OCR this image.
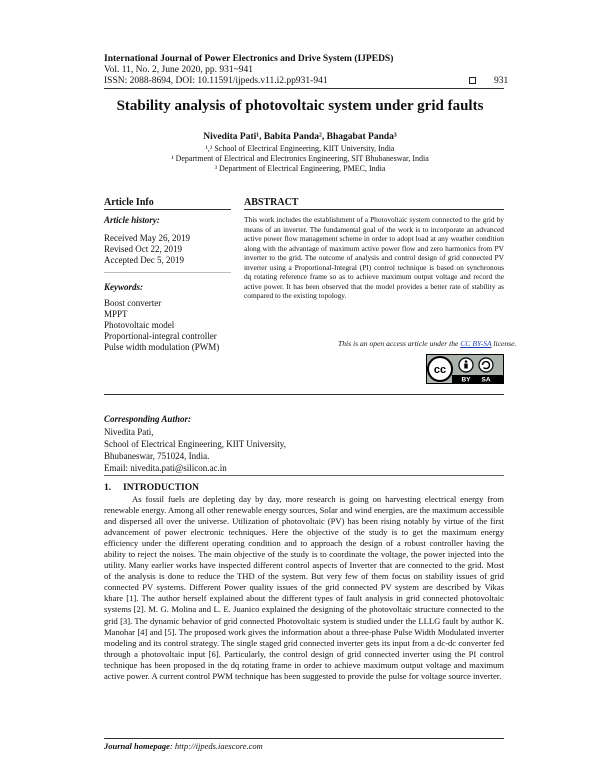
International Journal of Power Electronics and Drive System (IJPEDS)
Vol. 11, No. 2, June 2020, pp. 931~941
ISSN: 2088-8694, DOI: 10.11591/ijpeds.v11.i2.pp931-941	931
Stability analysis of photovoltaic system under grid faults
Nivedita Pati¹, Babita Panda², Bhagabat Panda³
¹,² School of Electrical Engineering, KIIT University, India
¹ Department of Electrical and Electronics Engineering, SIT Bhubaneswar, India
³ Department of Electrical Engineering, PMEC, India
Article Info
Article history:
Received May 26, 2019
Revised Oct 22, 2019
Accepted Dec 5, 2019
Keywords:
Boost converter
MPPT
Photovoltaic model
Proportional-integral controller
Pulse width modulation (PWM)
ABSTRACT
This work includes the establishment of a Photovoltaic system connected to the grid by means of an inverter. The fundamental goal of the work is to incorporate an advanced active power flow management scheme in order to adopt load at any weather condition along with the advantage of maximum active power flow and zero harmonics from PV inverter to the grid. The outcome of analysis and control design of grid connected PV inverter using a Proportional-Integral (PI) control technique is based on synchronous dq rotating reference frame so as to achieve maximum output voltage and record the active power. It has been observed that the model provides a better rate of stability as compared to the existing topology.
This is an open access article under the CC BY-SA license.
cc
BY SA
Corresponding Author:
Nivedita Pati,
School of Electrical Engineering, KIIT University,
Bhubaneswar, 751024, India.
Email: nivedita.pati@silicon.ac.in
1.     INTRODUCTION

As fossil fuels are depleting day by day, more research is going on harvesting electrical energy from renewable energy. Among all other renewable energy sources, Solar and wind energies, are the maximum accessible and dispersed all over the universe. Utilization of photovoltaic (PV) has been rising notably by virtue of the first advancement of power electronic techniques. Here the objective of the study is to get the maximum energy efficiency under the different operating condition and to approach the design of a robust controller having the ability to reject the noises. The main objective of the study is to coordinate the voltage, the power injected into the utility. Many earlier works have inspected different control aspects of Inverter that are connected to the grid. Most of the analysis is done to reduce the THD of the system. But very few of them focus on stability issues of grid connected PV systems. Different Power quality issues of the grid connected PV system are described by Vikas khare [1]. The author herself explained about the different types of fault analysis in grid connected photovoltaic systems [2]. M. G. Molina and L. E. Juanico explained the designing of the photovoltaic structure connected to the grid [3]. The dynamic behavior of grid connected Photovoltaic system is studied under the LLLG fault by author K. Manohar [4] and [5]. The proposed work gives the information about a three-phase Pulse Width Modulated inverter modeling and its control strategy. The single staged grid connected inverter gets its input from a dc-dc converter fed through a photovoltaic input [6]. Particularly, the control design of grid connected inverter using the PI control technique has been proposed in the dq rotating frame in order to achieve maximum output voltage and maximum active power. A current control PWM technique has been suggested to provide the pulse for voltage source inverter.

Journal homepage: http://ijpeds.iaescore.com
